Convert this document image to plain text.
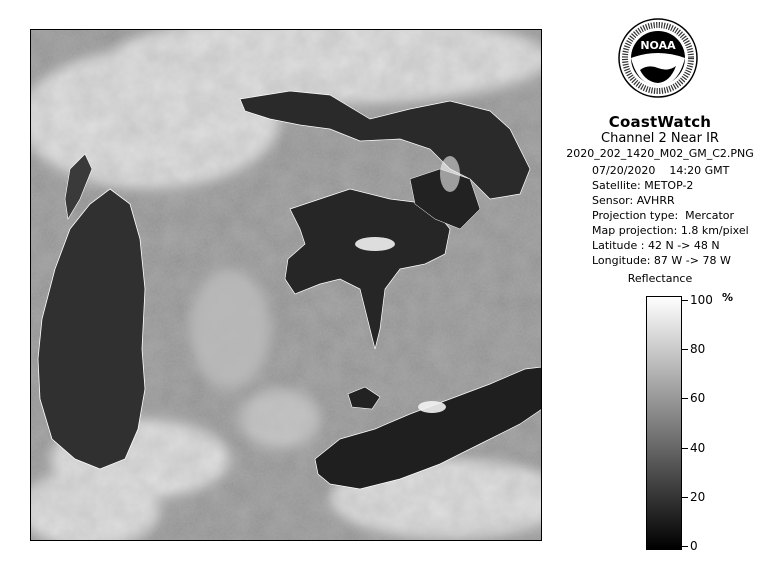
NOAA
CoastWatch
Channel 2 Near IR
2020_202_1420_M02_GM_C2.PNG
07/20/2020    14:20 GMT
Satellite: METOP-2
Sensor: AVHRR
Projection type:  Mercator
Map projection: 1.8 km/pixel
Latitude : 42 N -> 48 N
Longitude: 87 W -> 78 W
Reflectance
%
100
80
60
40
20
0
